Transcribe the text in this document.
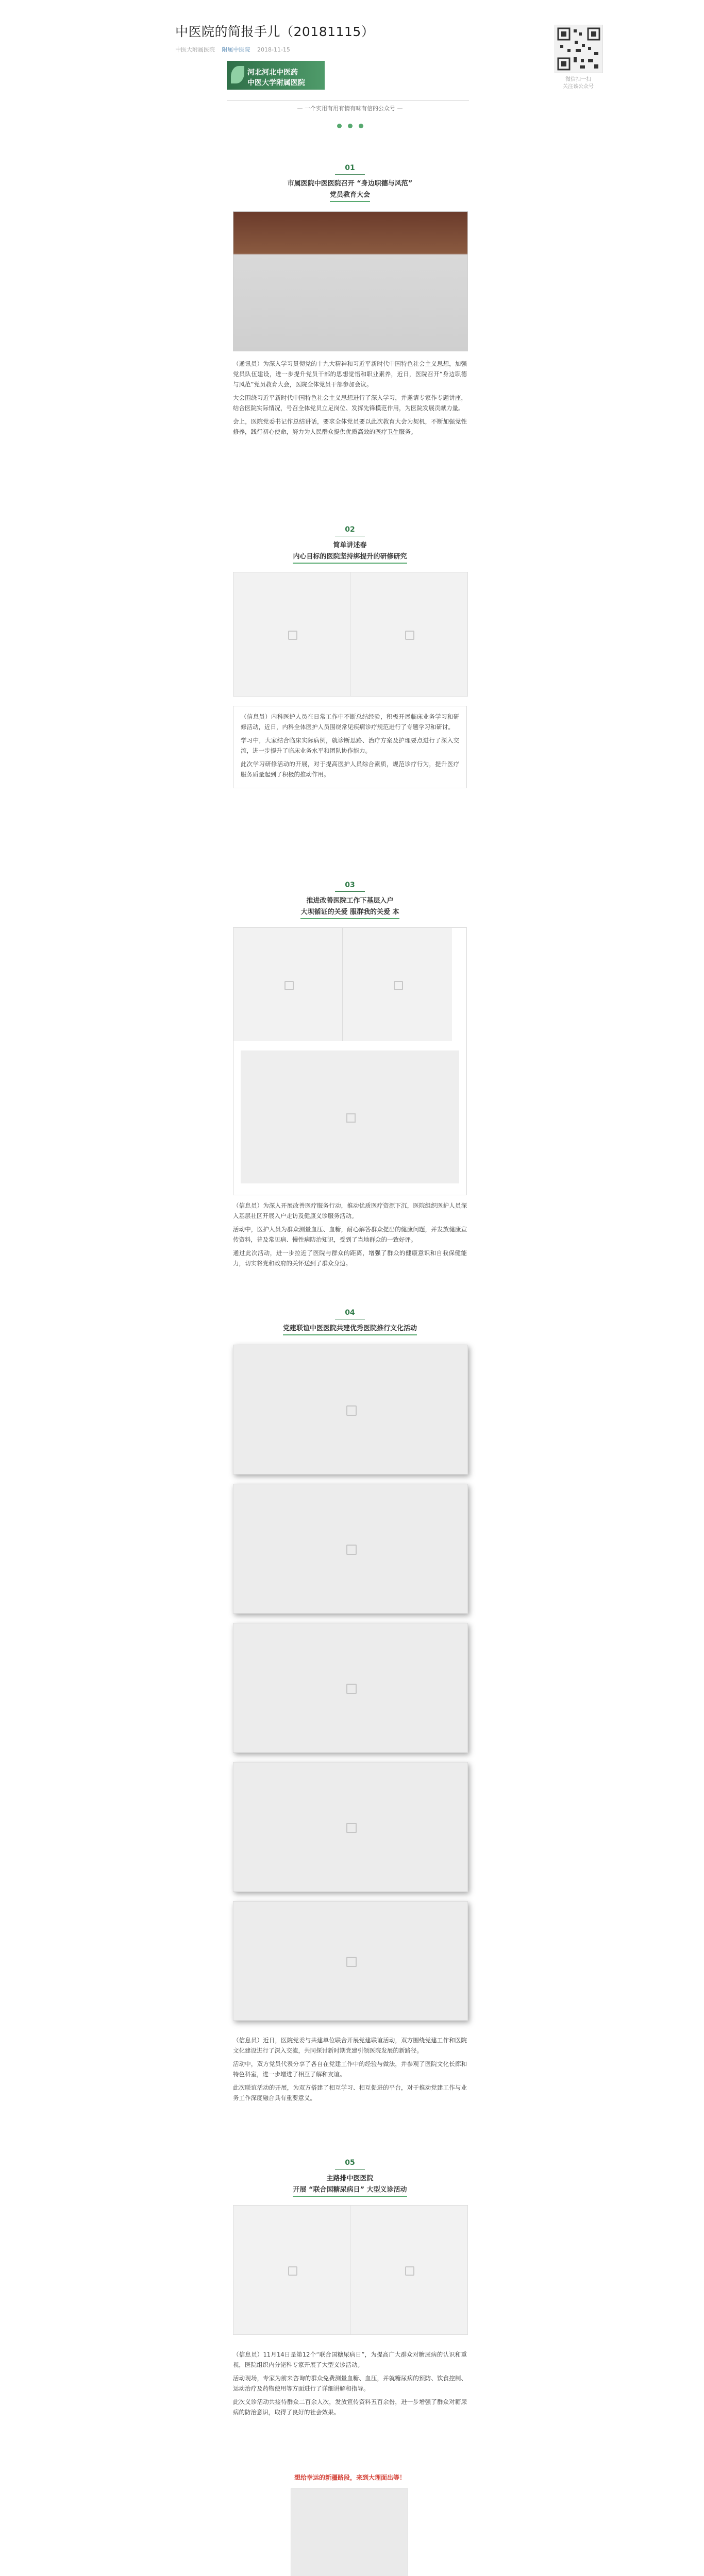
中医院的简报手儿（20181115）
中医大附属医院 附属中医院 2018-11-15
河北河北中医药
中医大学附属医院
— 一个实用有用有情有味有信的公众号 —
01
市属医院中医医院召开 “身边职德与风范”
党员教育大会

（通讯员）为深入学习贯彻党的十九大精神和习近平新时代中国特色社会主义思想，加强党员队伍建设，进一步提升党员干部的思想觉悟和职业素养，近日，医院召开“身边职德与风范”党员教育大会，医院全体党员干部参加会议。

大会围绕习近平新时代中国特色社会主义思想进行了深入学习，并邀请专家作专题讲座，结合医院实际情况，号召全体党员立足岗位、发挥先锋模范作用，为医院发展贡献力量。

会上，医院党委书记作总结讲话，要求全体党员要以此次教育大会为契机，不断加强党性修养，践行初心使命，努力为人民群众提供优质高效的医疗卫生服务。

02
简单讲述春
内心目标的医院坚持绑提升的研修研究

（信息员）内科医护人员在日常工作中不断总结经验，积极开展临床业务学习和研修活动，近日，内科全体医护人员围绕常见疾病诊疗规范进行了专题学习和研讨。

学习中，大家结合临床实际病例，就诊断思路、治疗方案及护理要点进行了深入交流，进一步提升了临床业务水平和团队协作能力。

此次学习研修活动的开展，对于提高医护人员综合素质，规范诊疗行为，提升医疗服务质量起到了积极的推动作用。

03
推进改善医院工作下基层入户
大坝循证的关爱 服群我的关爱 本

（信息员）为深入开展改善医疗服务行动，推动优质医疗资源下沉，医院组织医护人员深入基层社区开展入户走访及健康义诊服务活动。

活动中，医护人员为群众测量血压、血糖，耐心解答群众提出的健康问题，并发放健康宣传资料，普及常见病、慢性病防治知识，受到了当地群众的一致好评。

通过此次活动，进一步拉近了医院与群众的距离，增强了群众的健康意识和自我保健能力，切实将党和政府的关怀送到了群众身边。

04
党建联谊中医医院共建优秀医院推行文化活动

（信息员）近日，医院党委与共建单位联合开展党建联谊活动，双方围绕党建工作和医院文化建设进行了深入交流，共同探讨新时期党建引领医院发展的新路径。

活动中，双方党员代表分享了各自在党建工作中的经验与做法，并参观了医院文化长廊和特色科室，进一步增进了相互了解和友谊。

此次联谊活动的开展，为双方搭建了相互学习、相互促进的平台，对于推动党建工作与业务工作深度融合具有重要意义。

05
主路排中医医院
开展 “联合国糖尿病日” 大型义诊活动

（信息员）11月14日是第12个“联合国糖尿病日”，为提高广大群众对糖尿病的认识和重视，医院组织内分泌科专家开展了大型义诊活动。

活动现场，专家为前来咨询的群众免费测量血糖、血压，并就糖尿病的预防、饮食控制、运动治疗及药物使用等方面进行了详细讲解和指导。

此次义诊活动共接待群众二百余人次，发放宣传资料五百余份，进一步增强了群众对糖尿病的防治意识，取得了良好的社会效果。

想给幸运的新疆路段，来到大理面出等！
微信扫一扫
关注该公众号
